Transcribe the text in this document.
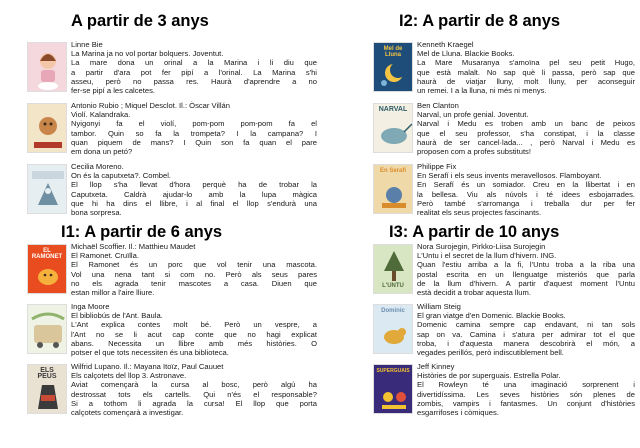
A partir de 3 anys
Linne Bie
La Marina ja no vol portar bolquers. Joventut.
La mare dona un orinal a la Marina i li diu que
a partir d'ara pot fer pipí a l'orinal. La Marina s'hi
asseu, però no passa res. Haurà d'aprendre a no
fer-se pipí a les calcetes.
Antonio Rubio ; Miquel Desclot. Il.: Òscar Villán
Violí. Kalandraka.
Nyigonyi fa el violí, pom-pom pom-pom fa el
tambor. Quin so fa la trompeta? I la campana? I
quan piquem de mans? I Quin son fa quan el pare
em dona un petó?
Cecilia Moreno.
On és la caputxeta?. Combel.
El llop s'ha llevat d'hora perquè ha de trobar la
Caputxeta. Caldrà ajudar-lo amb la lupa màgica
que hi ha dins el llibre, i al final el llop s'endurà una
bona sorpresa.
I1: A partir de 6 anys
EL RAMONET
Michaël Scoffier. Il.: Matthieu Maudet
El Ramonet. Cruïlla.
El Ramonet és un porc que vol tenir una mascota.
Vol una nena tant si com no. Però als seus pares
no els agrada tenir mascotes a casa. Diuen que
estan millor a l'aire lliure.
Inga Moore
El bibliobús de l'Ant. Baula.
L'Ant explica contes molt bé. Però un vespre, a
l'Ant no se li acut cap conte que no hagi explicat
abans. Necessita un llibre amb més històries. O
potser el que tots necessiten és una biblioteca.
ELS PEUS
Wilfrid Lupano. Il.: Mayana Itoïz, Paul Cauuet
Els calçotets del llop 3. Astronave.
Aviat començarà la cursa al bosc, però algú ha
destrossat tots els cartells. Qui n'és el responsable?
Si a tothom li agrada la cursa! El llop que porta
calçotets començarà a investigar.
I2: A partir de 8 anys
Mel de Lluna
Kenneth Kraegel
Mel de Lluna. Blackie Books.
La Mare Musaranya s'amoïna pel seu petit Hugo,
que està malalt. No sap què li passa, però sap que
haurà de viatjar lluny, molt lluny, per aconseguir
un remei. I a la lluna, ni més ni menys.
NARVAL	Ben Clanton
Narval, un profe genial. Joventut.
Narval i Medu es troben amb un banc de peixos
que el seu professor, s'ha constipat, i la classe
haurà de ser cancel·lada... , però Narval i Medu es
proposen com a profes substituts!
En Serafí	Philippe Fix
En Serafí i els seus invents meravellosos. Flamboyant.
En Serafí és un somiador. Creu en la llibertat i en
la bellesa. Viu als núvols i té idees esbojarrades.
Però també s'arromanga i treballa dur per fer
realitat els seus projectes fascinants.
I3: A partir de 10 anys
L'UNTU
Nora Surojegin, Pirkko-Liisa Surojegin
L'Untu i el secret de la llum d'hivern. ING.
Quan l'estiu arriba a la fi, l'Untu troba a la riba una
postal escrita en un llenguatge misteriós que parla
de la llum d'hivern. A partir d'aquest moment l'Untu
està decidit a trobar aquesta llum.
Dominic	William Steig
El gran viatge d'en Domenic. Blackie Books.
Domenic camina sempre cap endavant, ni tan sols
sap on va. Camina i s'atura per admirar tot el que
troba, i d'aquesta manera descobrirà el món, a
vegades perillós, però indiscutiblement bell.
SUPERGUAIS Jeff Kinney
Històries de por superguais. Estrella Polar.
El Rowleyn té una imaginació sorprenent i
divertidíssima. Les seves històries són plenes de
zombis, vampirs i fantasmes. Un conjunt d'històries
esgarrifoses i còmiques.
